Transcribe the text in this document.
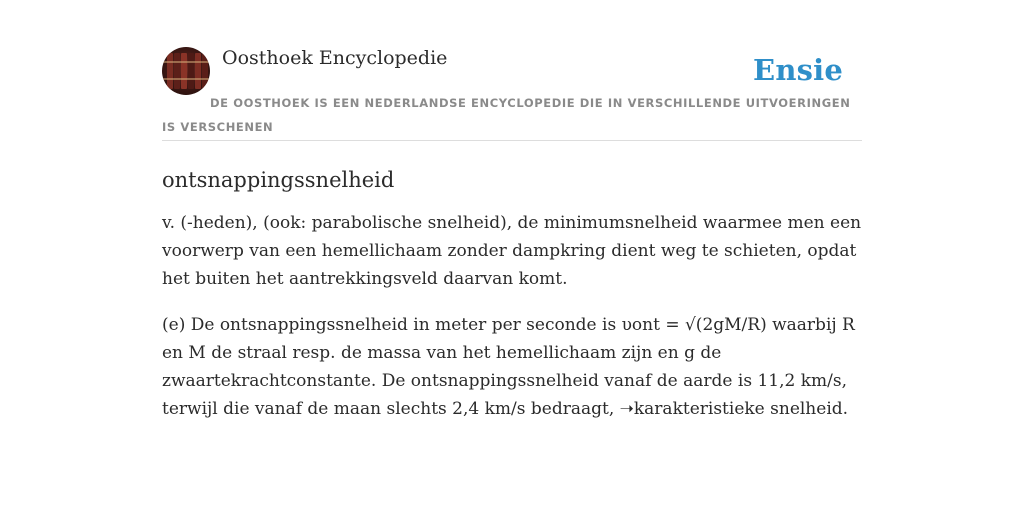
Oosthoek Encyclopedie	Ensie
DE OOSTHOEK IS EEN NEDERLANDSE ENCYCLOPEDIE DIE IN VERSCHILLENDE UITVOERINGEN IS VERSCHENEN
ontsnappingssnelheid

v. (-heden), (ook: parabolische snelheid), de minimumsnelheid waarmee men een voorwerp van een hemellichaam zonder dampkring dient weg te schieten, opdat het buiten het aantrekkingsveld daarvan komt.

(e) De ontsnappingssnelheid in meter per seconde is υont = √(2gM/R) waarbij R en M de straal resp. de massa van het hemellichaam zijn en g de zwaartekrachtconstante. De ontsnappingssnelheid vanaf de aarde is 11,2 km/s, terwijl die vanaf de maan slechts 2,4 km/s bedraagt, ➝karakteristieke snelheid.
